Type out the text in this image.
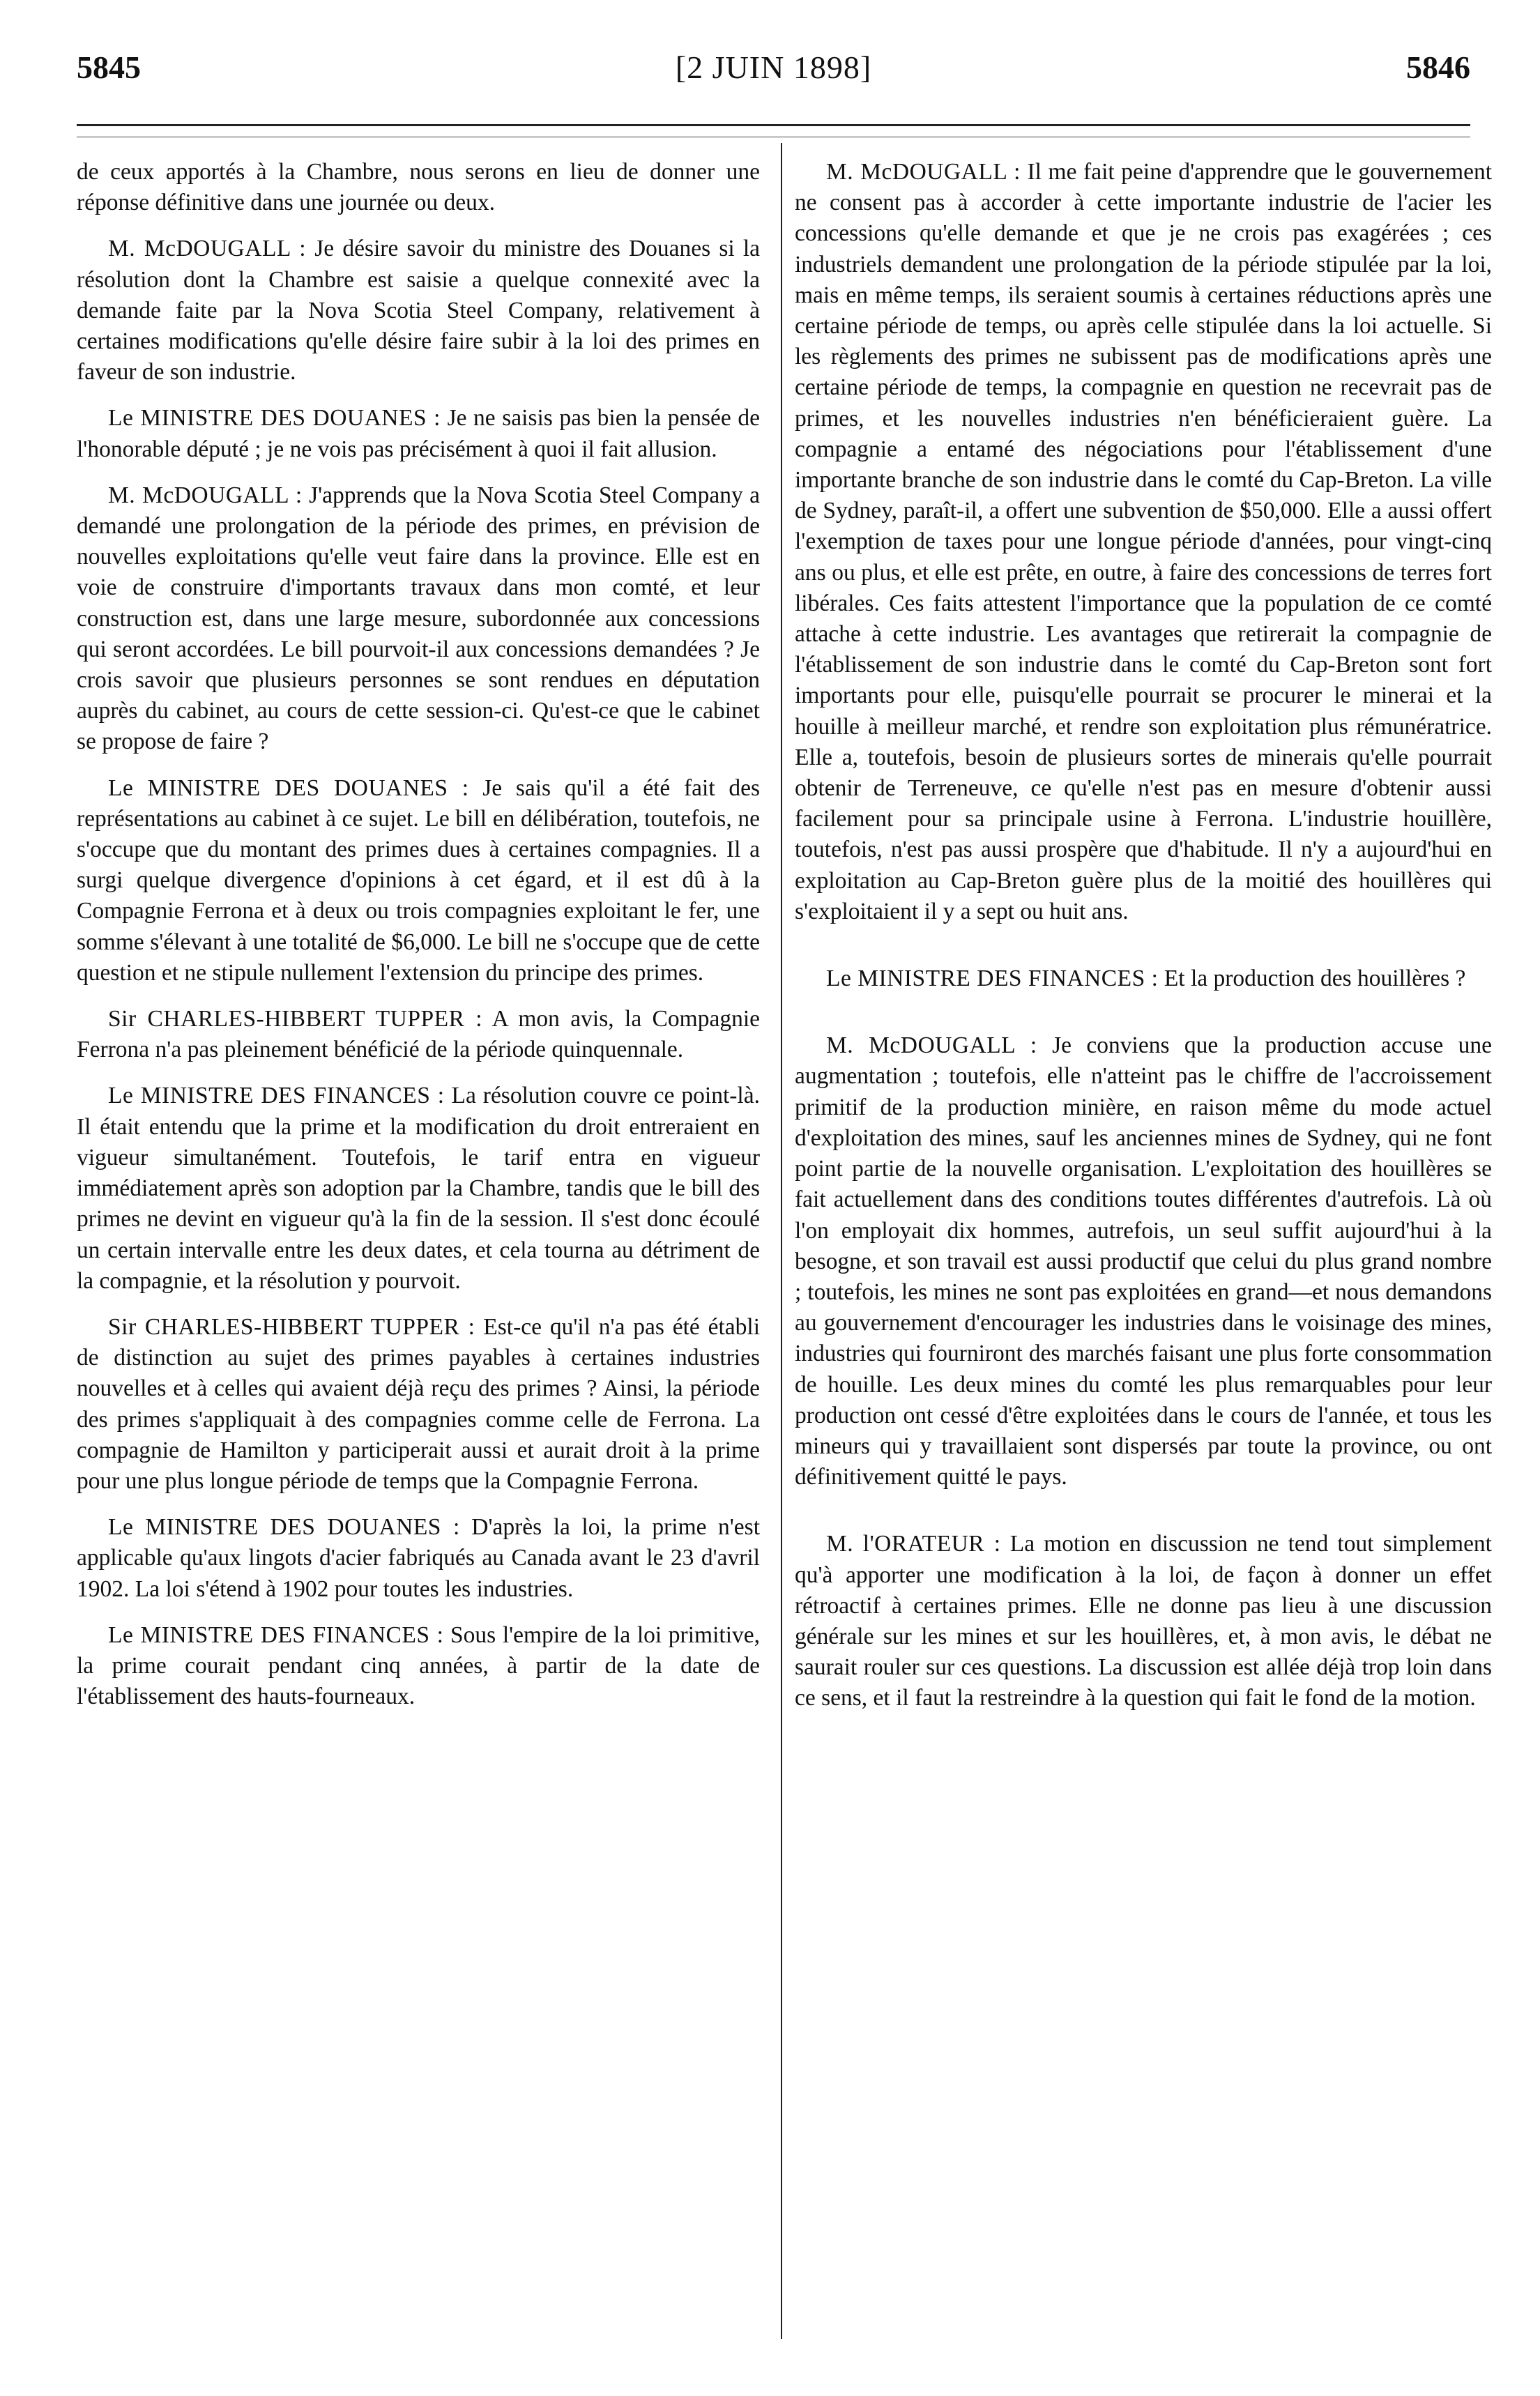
5845	[2 JUIN 1898]	5846

de ceux apportés à la Chambre, nous serons en lieu de donner une réponse définitive dans une journée ou deux.

M. McDOUGALL : Je désire savoir du ministre des Douanes si la résolution dont la Chambre est saisie a quelque connexité avec la demande faite par la Nova Scotia Steel Company, relativement à certaines modifications qu'elle désire faire subir à la loi des primes en faveur de son industrie.

Le MINISTRE DES DOUANES : Je ne saisis pas bien la pensée de l'honorable député ; je ne vois pas précisément à quoi il fait allusion.

M. McDOUGALL : J'apprends que la Nova Scotia Steel Company a demandé une prolongation de la période des primes, en prévision de nouvelles exploitations qu'elle veut faire dans la province. Elle est en voie de construire d'importants travaux dans mon comté, et leur construction est, dans une large mesure, subordonnée aux concessions qui seront accordées. Le bill pourvoit-il aux concessions demandées ? Je crois savoir que plusieurs personnes se sont rendues en députation auprès du cabinet, au cours de cette session-ci. Qu'est-ce que le cabinet se propose de faire ?

Le MINISTRE DES DOUANES : Je sais qu'il a été fait des représentations au cabinet à ce sujet. Le bill en délibération, toutefois, ne s'occupe que du montant des primes dues à certaines compagnies. Il a surgi quelque divergence d'opinions à cet égard, et il est dû à la Compagnie Ferrona et à deux ou trois compagnies exploitant le fer, une somme s'élevant à une totalité de $6,000. Le bill ne s'occupe que de cette question et ne stipule nullement l'extension du principe des primes.

Sir CHARLES-HIBBERT TUPPER : A mon avis, la Compagnie Ferrona n'a pas pleinement bénéficié de la période quinquennale.

Le MINISTRE DES FINANCES : La résolution couvre ce point-là. Il était entendu que la prime et la modification du droit entreraient en vigueur simultanément. Toutefois, le tarif entra en vigueur immédiatement après son adoption par la Chambre, tandis que le bill des primes ne devint en vigueur qu'à la fin de la session. Il s'est donc écoulé un certain intervalle entre les deux dates, et cela tourna au détriment de la compagnie, et la résolution y pourvoit.

Sir CHARLES-HIBBERT TUPPER : Est-ce qu'il n'a pas été établi de distinction au sujet des primes payables à certaines industries nouvelles et à celles qui avaient déjà reçu des primes ? Ainsi, la période des primes s'appliquait à des compagnies comme celle de Ferrona. La compagnie de Hamilton y participerait aussi et aurait droit à la prime pour une plus longue période de temps que la Compagnie Ferrona.

Le MINISTRE DES DOUANES : D'après la loi, la prime n'est applicable qu'aux lingots d'acier fabriqués au Canada avant le 23 d'avril 1902. La loi s'étend à 1902 pour toutes les industries.

Le MINISTRE DES FINANCES : Sous l'empire de la loi primitive, la prime courait pendant cinq années, à partir de la date de l'établissement des hauts-fourneaux.

M. McDOUGALL : Il me fait peine d'apprendre que le gouvernement ne consent pas à accorder à cette importante industrie de l'acier les concessions qu'elle demande et que je ne crois pas exagérées ; ces industriels demandent une prolongation de la période stipulée par la loi, mais en même temps, ils seraient soumis à certaines réductions après une certaine période de temps, ou après celle stipulée dans la loi actuelle. Si les règlements des primes ne subissent pas de modifications après une certaine période de temps, la compagnie en question ne recevrait pas de primes, et les nouvelles industries n'en bénéficieraient guère. La compagnie a entamé des négociations pour l'établissement d'une importante branche de son industrie dans le comté du Cap-Breton. La ville de Sydney, paraît-il, a offert une subvention de $50,000. Elle a aussi offert l'exemption de taxes pour une longue période d'années, pour vingt-cinq ans ou plus, et elle est prête, en outre, à faire des concessions de terres fort libérales. Ces faits attestent l'importance que la population de ce comté attache à cette industrie. Les avantages que retirerait la compagnie de l'établissement de son industrie dans le comté du Cap-Breton sont fort importants pour elle, puisqu'elle pourrait se procurer le minerai et la houille à meilleur marché, et rendre son exploitation plus rémunératrice. Elle a, toutefois, besoin de plusieurs sortes de minerais qu'elle pourrait obtenir de Terreneuve, ce qu'elle n'est pas en mesure d'obtenir aussi facilement pour sa principale usine à Ferrona. L'industrie houillère, toutefois, n'est pas aussi prospère que d'habitude. Il n'y a aujourd'hui en exploitation au Cap-Breton guère plus de la moitié des houillères qui s'exploitaient il y a sept ou huit ans.

Le MINISTRE DES FINANCES : Et la production des houillères ?

M. McDOUGALL : Je conviens que la production accuse une augmentation ; toutefois, elle n'atteint pas le chiffre de l'accroissement primitif de la production minière, en raison même du mode actuel d'exploitation des mines, sauf les anciennes mines de Sydney, qui ne font point partie de la nouvelle organisation. L'exploitation des houillères se fait actuellement dans des conditions toutes différentes d'autrefois. Là où l'on employait dix hommes, autrefois, un seul suffit aujourd'hui à la besogne, et son travail est aussi productif que celui du plus grand nombre ; toutefois, les mines ne sont pas exploitées en grand—et nous demandons au gouvernement d'encourager les industries dans le voisinage des mines, industries qui fourniront des marchés faisant une plus forte consommation de houille. Les deux mines du comté les plus remarquables pour leur production ont cessé d'être exploitées dans le cours de l'année, et tous les mineurs qui y travaillaient sont dispersés par toute la province, ou ont définitivement quitté le pays.

M. l'ORATEUR : La motion en discussion ne tend tout simplement qu'à apporter une modification à la loi, de façon à donner un effet rétroactif à certaines primes. Elle ne donne pas lieu à une discussion générale sur les mines et sur les houillères, et, à mon avis, le débat ne saurait rouler sur ces questions. La discussion est allée déjà trop loin dans ce sens, et il faut la restreindre à la question qui fait le fond de la motion.
